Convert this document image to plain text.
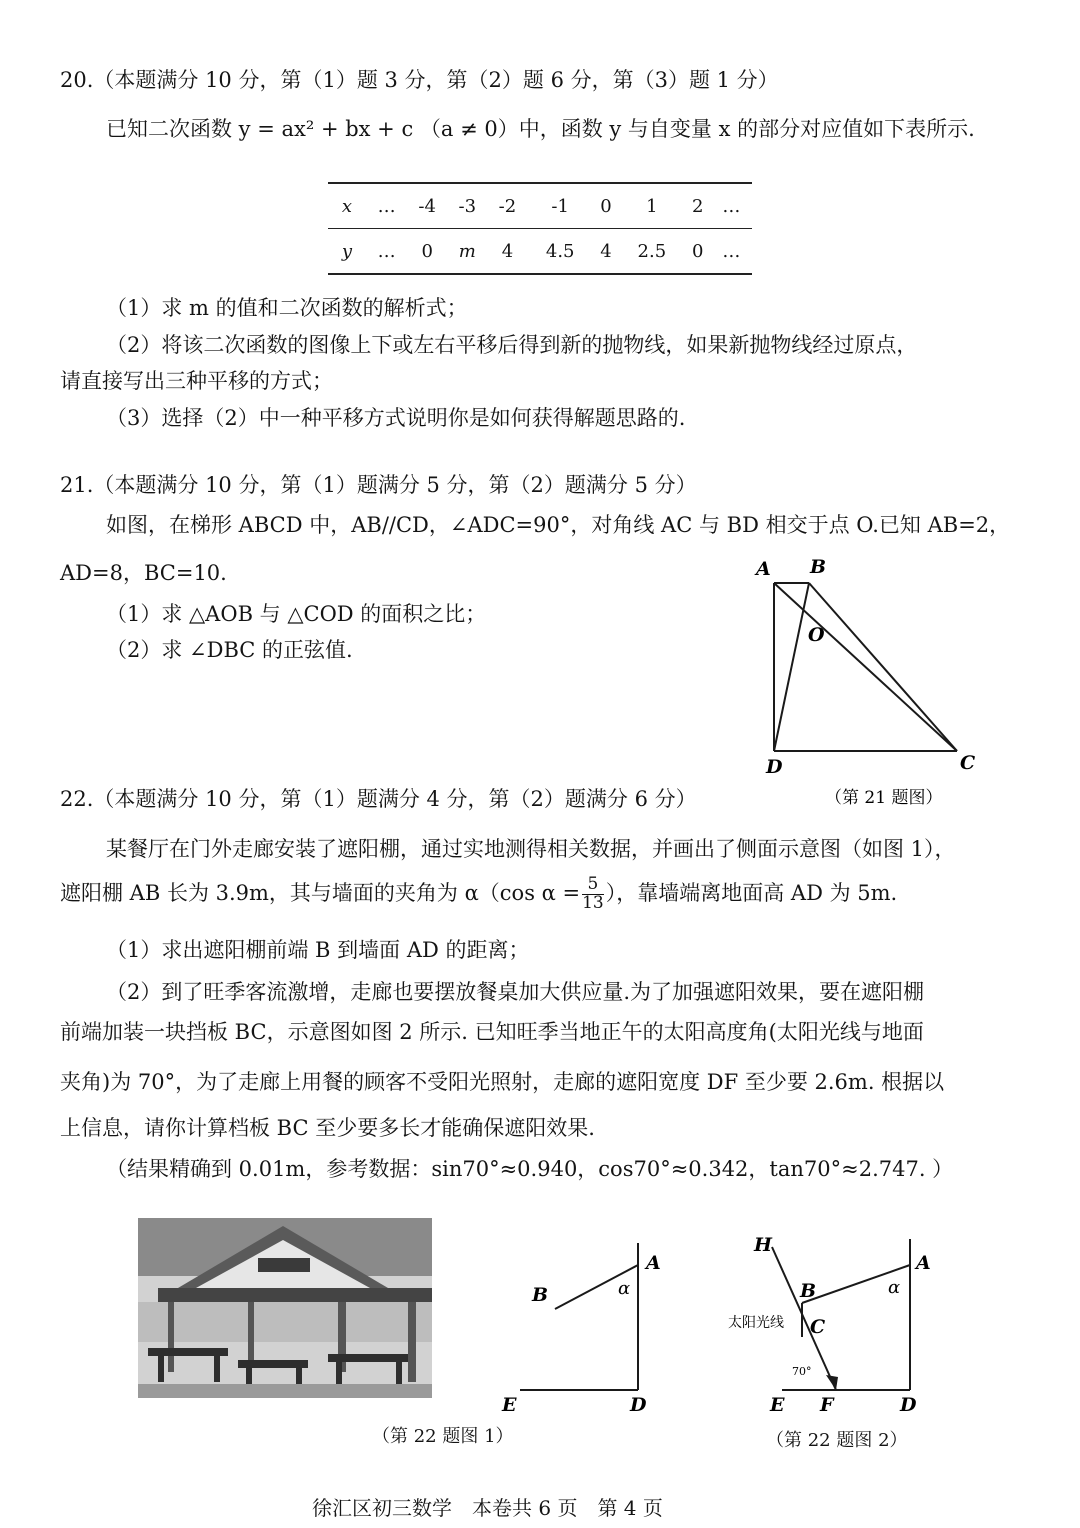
20.（本题满分 10 分，第（1）题 3 分，第（2）题 6 分，第（3）题 1 分）
已知二次函数 y = ax² + bx + c （a ≠ 0）中，函数 y 与自变量 x 的部分对应值如下表所示.
x	…	-4	-3	-2	-1	0	1	2	…
y	…	0	m	4	4.5	4	2.5	0	…
（1）求 m 的值和二次函数的解析式；
（2）将该二次函数的图像上下或左右平移后得到新的抛物线，如果新抛物线经过原点，
请直接写出三种平移的方式；
（3）选择（2）中一种平移方式说明你是如何获得解题思路的.
21.（本题满分 10 分，第（1）题满分 5 分，第（2）题满分 5 分）
如图，在梯形 ABCD 中，AB//CD，∠ADC=90°，对角线 AC 与 BD 相交于点 O.已知 AB=2，
AD=8，BC=10.
（1）求 △AOB 与 △COD 的面积之比；
（2）求 ∠DBC 的正弦值.
A B
O
D	C
（第 21 题图）
22.（本题满分 10 分，第（1）题满分 4 分，第（2）题满分 6 分）
某餐厅在门外走廊安装了遮阳棚，通过实地测得相关数据，并画出了侧面示意图（如图 1），
遮阳棚 AB 长为 3.9m，其与墙面的夹角为 α（cos $\alpha = \frac{5}{13}$ ），靠墙端离地面高 AD 为 5m.
（1）求出遮阳棚前端 B 到墙面 AD 的距离；
（2）到了旺季客流激增，走廊也要摆放餐桌加大供应量.为了加强遮阳效果，要在遮阳棚
前端加装一块挡板 BC，示意图如图 2 所示. 已知旺季当地正午的太阳高度角(太阳光线与地面
夹角)为 70°，为了走廊上用餐的顾客不受阳光照射，走廊的遮阳宽度 DF 至少要 2.6m. 根据以
上信息，请你计算档板 BC 至少要多长才能确保遮阳效果.
（结果精确到 0.01m，参考数据：sin70°≈0.940，cos70°≈0.342，tan70°≈2.747. ）
A
B	α
E	D
（第 22 题图 1）
H
A
B
C
α
太阳光线
70°
E F	D
（第 22 题图 2）
徐汇区初三数学　本卷共 6 页　第 4 页
